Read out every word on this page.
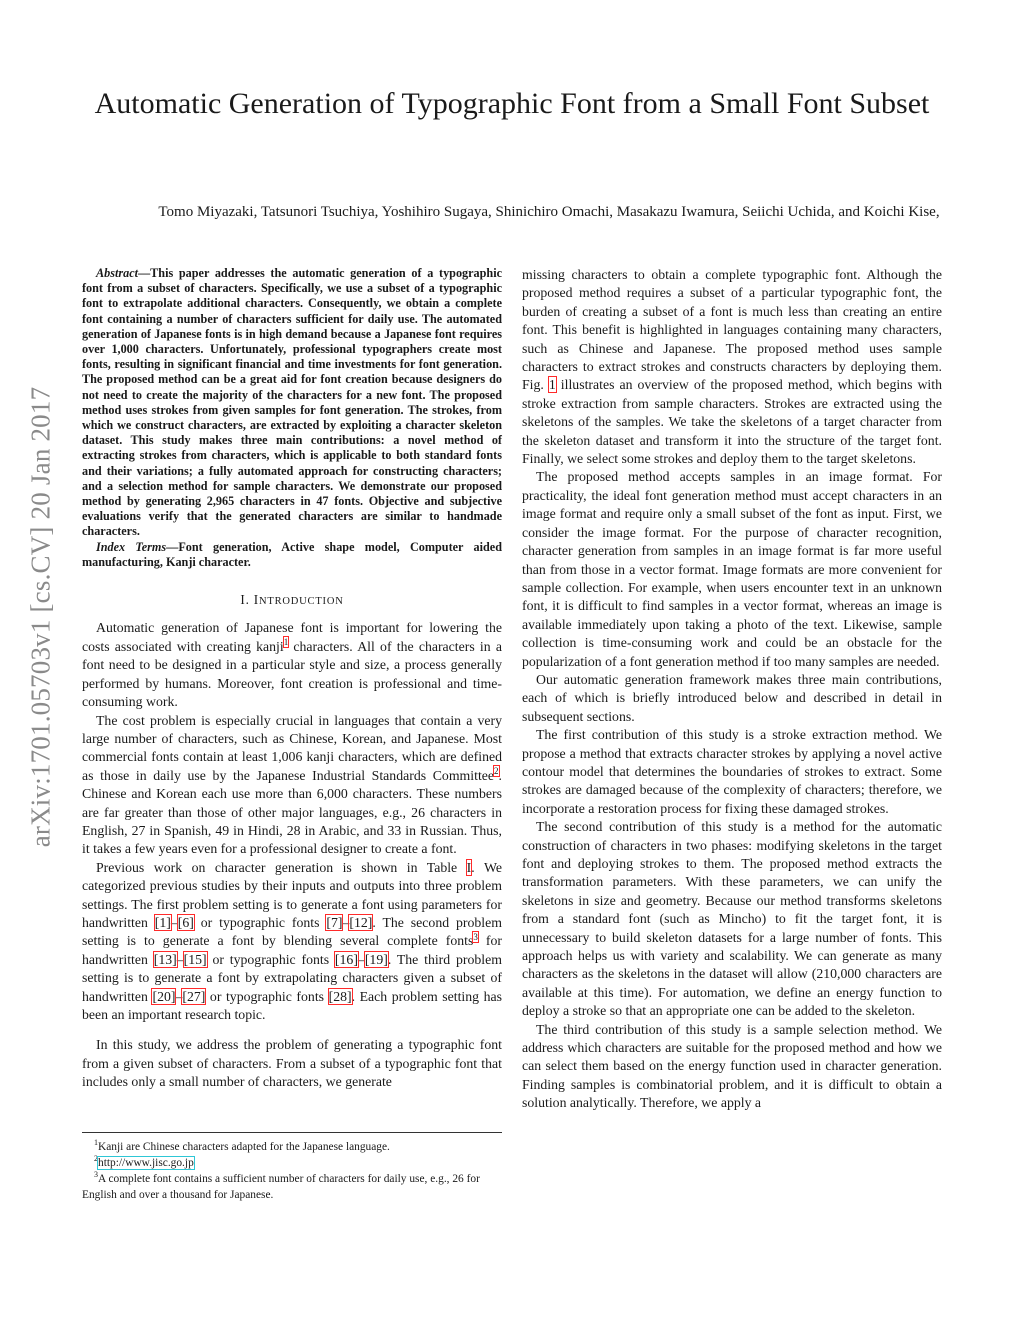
arXiv:1701.05703v1 [cs.CV] 20 Jan 2017
Automatic Generation of Typographic Font from a Small Font Subset

Tomo Miyazaki, Tatsunori Tsuchiya, Yoshihiro Sugaya, Shinichiro Omachi, Masakazu Iwamura, Seiichi Uchida, and Koichi Kise,

Abstract—This paper addresses the automatic generation of a typographic font from a subset of characters. Specifically, we use a subset of a typographic font to extrapolate additional characters. Consequently, we obtain a complete font containing a number of characters sufficient for daily use. The automated generation of Japanese fonts is in high demand because a Japanese font requires over 1,000 characters. Unfortunately, professional typographers create most fonts, resulting in significant financial and time investments for font generation. The proposed method can be a great aid for font creation because designers do not need to create the majority of the characters for a new font. The proposed method uses strokes from given samples for font generation. The strokes, from which we construct characters, are extracted by exploiting a character skeleton dataset. This study makes three main contributions: a novel method of extracting strokes from characters, which is applicable to both standard fonts and their variations; a fully automated approach for constructing characters; and a selection method for sample characters. We demonstrate our proposed method by generating 2,965 characters in 47 fonts. Objective and subjective evaluations verify that the generated characters are similar to handmade characters.

Index Terms—Font generation, Active shape model, Computer aided manufacturing, Kanji character.

I. INTRODUCTION

Automatic generation of Japanese font is important for lowering the costs associated with creating kanji$^1$ characters. All of the characters in a font need to be designed in a particular style and size, a process generally performed by humans. Moreover, font creation is professional and time-consuming work.

The cost problem is especially crucial in languages that contain a very large number of characters, such as Chinese, Korean, and Japanese. Most commercial fonts contain at least 1,006 kanji characters, which are defined as those in daily use by the Japanese Industrial Standards Committee$^2$. Chinese and Korean each use more than 6,000 characters. These numbers are far greater than those of other major languages, e.g., 26 characters in English, 27 in Spanish, 49 in Hindi, 28 in Arabic, and 33 in Russian. Thus, it takes a few years even for a professional designer to create a font.

Previous work on character generation is shown in Table I. We categorized previous studies by their inputs and outputs into three problem settings. The first problem setting is to generate a font using parameters for handwritten [1]–[6] or typographic fonts [7]–[12]. The second problem setting is to generate a font by blending several complete fonts$^3$ for handwritten [13]–[15] or typographic fonts [16]–[19]. The third problem setting is to generate a font by extrapolating characters given a subset of handwritten [20]–[27] or typographic fonts [28]. Each problem setting has been an important research topic.

In this study, we address the problem of generating a typographic font from a given subset of characters. From a subset of a typographic font that includes only a small number of characters, we generate

$^1$Kanji are Chinese characters adapted for the Japanese language.

$^2$http://www.jisc.go.jp

$^3$A complete font contains a sufficient number of characters for daily use, e.g., 26 for English and over a thousand for Japanese.

missing characters to obtain a complete typographic font. Although the proposed method requires a subset of a particular typographic font, the burden of creating a subset of a font is much less than creating an entire font. This benefit is highlighted in languages containing many characters, such as Chinese and Japanese. The proposed method uses sample characters to extract strokes and constructs characters by deploying them. Fig. 1 illustrates an overview of the proposed method, which begins with stroke extraction from sample characters. Strokes are extracted using the skeletons of the samples. We take the skeletons of a target character from the skeleton dataset and transform it into the structure of the target font. Finally, we select some strokes and deploy them to the target skeletons.

The proposed method accepts samples in an image format. For practicality, the ideal font generation method must accept characters in an image format and require only a small subset of the font as input. First, we consider the image format. For the purpose of character recognition, character generation from samples in an image format is far more useful than from those in a vector format. Image formats are more convenient for sample collection. For example, when users encounter text in an unknown font, it is difficult to find samples in a vector format, whereas an image is available immediately upon taking a photo of the text. Likewise, sample collection is time-consuming work and could be an obstacle for the popularization of a font generation method if too many samples are needed.

Our automatic generation framework makes three main contributions, each of which is briefly introduced below and described in detail in subsequent sections.

The first contribution of this study is a stroke extraction method. We propose a method that extracts character strokes by applying a novel active contour model that determines the boundaries of strokes to extract. Some strokes are damaged because of the complexity of characters; therefore, we incorporate a restoration process for fixing these damaged strokes.

The second contribution of this study is a method for the automatic construction of characters in two phases: modifying skeletons in the target font and deploying strokes to them. The proposed method extracts the transformation parameters. With these parameters, we can unify the skeletons in size and geometry. Because our method transforms skeletons from a standard font (such as Mincho) to fit the target font, it is unnecessary to build skeleton datasets for a large number of fonts. This approach helps us with variety and scalability. We can generate as many characters as the skeletons in the dataset will allow (210,000 characters are available at this time). For automation, we define an energy function to deploy a stroke so that an appropriate one can be added to the skeleton.

The third contribution of this study is a sample selection method. We address which characters are suitable for the proposed method and how we can select them based on the energy function used in character generation. Finding samples is combinatorial problem, and it is difficult to obtain a solution analytically. Therefore, we apply a
